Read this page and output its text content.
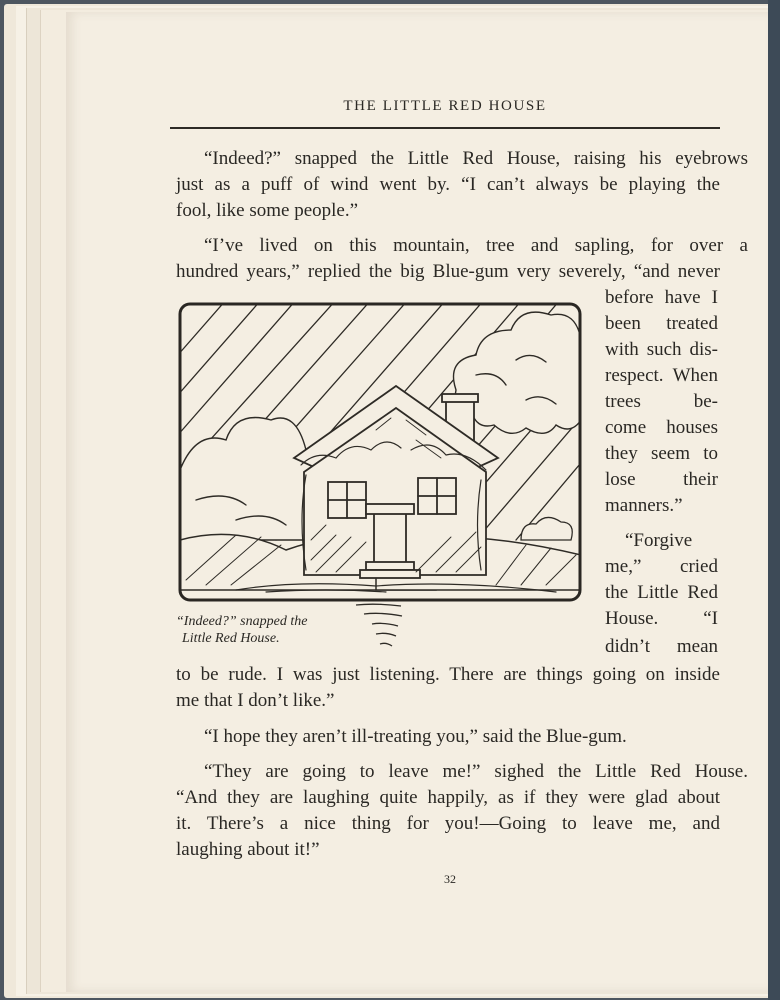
THE LITTLE RED HOUSE
“Indeed?” snapped the Little Red House, raising his eyebrows
just as a puff of wind went by. “I can’t always be playing the
fool, like some people.”
“I’ve lived on this mountain, tree and sapling, for over a
hundred years,” replied the big Blue-gum very severely, “and never
before have I
been treated
with such dis-
respect. When
trees be-
come houses
they seem to
lose their
manners.”
“Forgive
me,” cried
the Little Red
House. “I
didn’t mean
“Indeed?” snapped the
Little Red House.
to be rude. I was just listening. There are things going on inside
me that I don’t like.”
“I hope they aren’t ill-treating you,” said the Blue-gum.
“They are going to leave me!” sighed the Little Red House.
“And they are laughing quite happily, as if they were glad about
it. There’s a nice thing for you!—Going to leave me, and
laughing about it!”
32
